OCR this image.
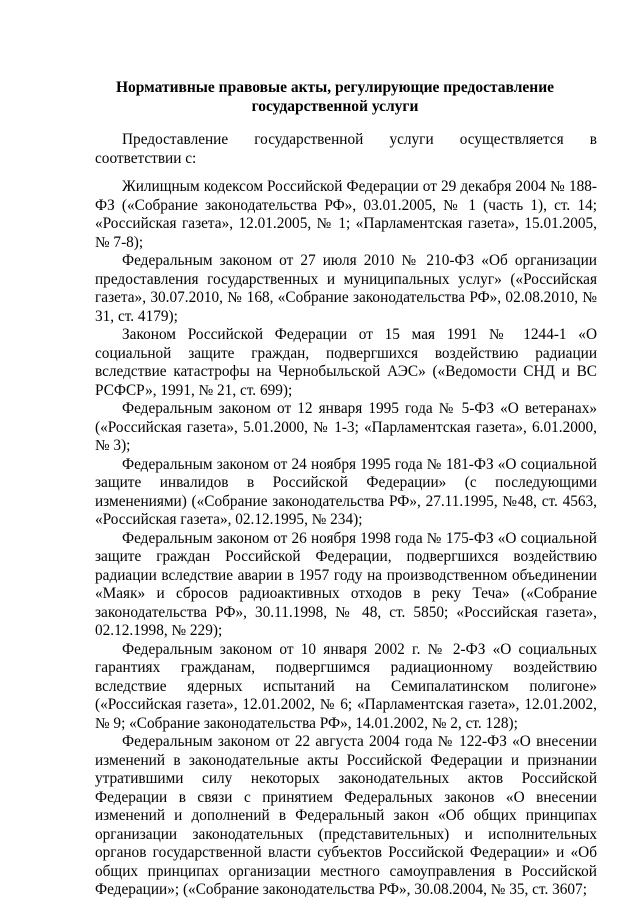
Нормативные правовые акты, регулирующие предоставление государственной услуги

Предоставление государственной услуги осуществляется в соответствии с:

Жилищным кодексом Российской Федерации от 29 декабря 2004 № 188-ФЗ («Собрание законодательства РФ», 03.01.2005, № 1 (часть 1), ст. 14; «Российская газета», 12.01.2005, № 1; «Парламентская газета», 15.01.2005, № 7-8);

Федеральным законом от 27 июля 2010 № 210-ФЗ «Об организации предоставления государственных и муниципальных услуг» («Российская газета», 30.07.2010, № 168, «Собрание законодательства РФ», 02.08.2010, № 31, ст. 4179);

Законом Российской Федерации от 15 мая 1991 № 1244-1 «О социальной защите граждан, подвергшихся воздействию радиации вследствие катастрофы на Чернобыльской АЭС» («Ведомости СНД и ВС РСФСР», 1991, № 21, ст. 699);

Федеральным законом от 12 января 1995 года № 5-ФЗ «О ветеранах» («Российская газета», 5.01.2000, № 1-3; «Парламентская газета», 6.01.2000, № 3);

Федеральным законом от 24 ноября 1995 года № 181-ФЗ «О социальной защите инвалидов в Российской Федерации» (с последующими изменениями) («Собрание законодательства РФ», 27.11.1995, №48, ст. 4563, «Российская газета», 02.12.1995, № 234);

Федеральным законом от 26 ноября 1998 года № 175-ФЗ «О социальной защите граждан Российской Федерации, подвергшихся воздействию радиации вследствие аварии в 1957 году на производственном объединении «Маяк» и сбросов радиоактивных отходов в реку Теча» («Собрание законодательства РФ», 30.11.1998, № 48, ст. 5850; «Российская газета», 02.12.1998, № 229);

Федеральным законом от 10 января 2002 г. № 2-ФЗ «О социальных гарантиях гражданам, подвергшимся радиационному воздействию вследствие ядерных испытаний на Семипалатинском полигоне» («Российская газета», 12.01.2002, № 6; «Парламентская газета», 12.01.2002, № 9; «Собрание законодательства РФ», 14.01.2002, № 2, ст. 128);

Федеральным законом от 22 августа 2004 года № 122-ФЗ «О внесении изменений в законодательные акты Российской Федерации и признании утратившими силу некоторых законодательных актов Российской Федерации в связи с принятием Федеральных законов «О внесении изменений и дополнений в Федеральный закон «Об общих принципах организации законодательных (представительных) и исполнительных органов государственной власти субъектов Российской Федерации» и «Об общих принципах организации местного самоуправления в Российской Федерации»; («Собрание законодательства РФ», 30.08.2004, № 35, ст. 3607;
